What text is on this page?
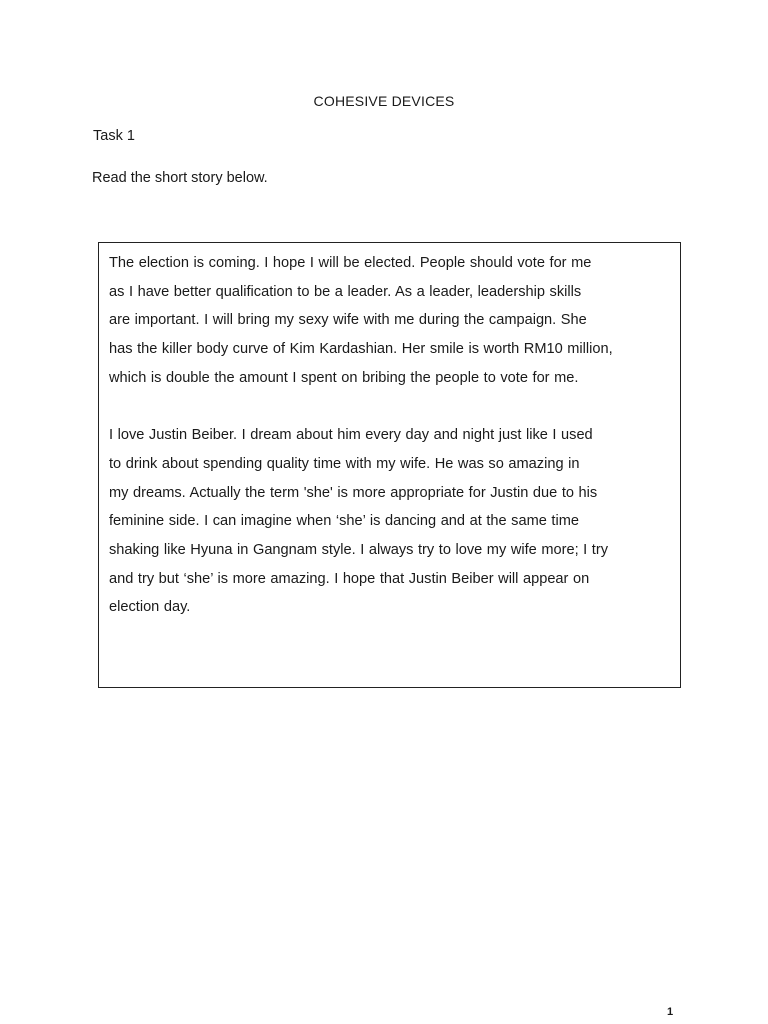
COHESIVE DEVICES
Task 1
Read the short story below.

The election is coming. I hope I will be elected. People should vote for me
as I have better qualification to be a leader. As a leader, leadership skills
are important. I will bring my sexy wife with me during the campaign. She
has the killer body curve of Kim Kardashian. Her smile is worth RM10 million,
which is double the amount I spent on bribing the people to vote for me.

I love Justin Beiber. I dream about him every day and night just like I used
to drink about spending quality time with my wife. He was so amazing in
my dreams. Actually the term 'she' is more appropriate for Justin due to his
feminine side. I can imagine when ‘she’ is dancing and at the same time
shaking like Hyuna in Gangnam style. I always try to love my wife more; I try
and try but ‘she’ is more amazing. I hope that Justin Beiber will appear on
election day.

1
